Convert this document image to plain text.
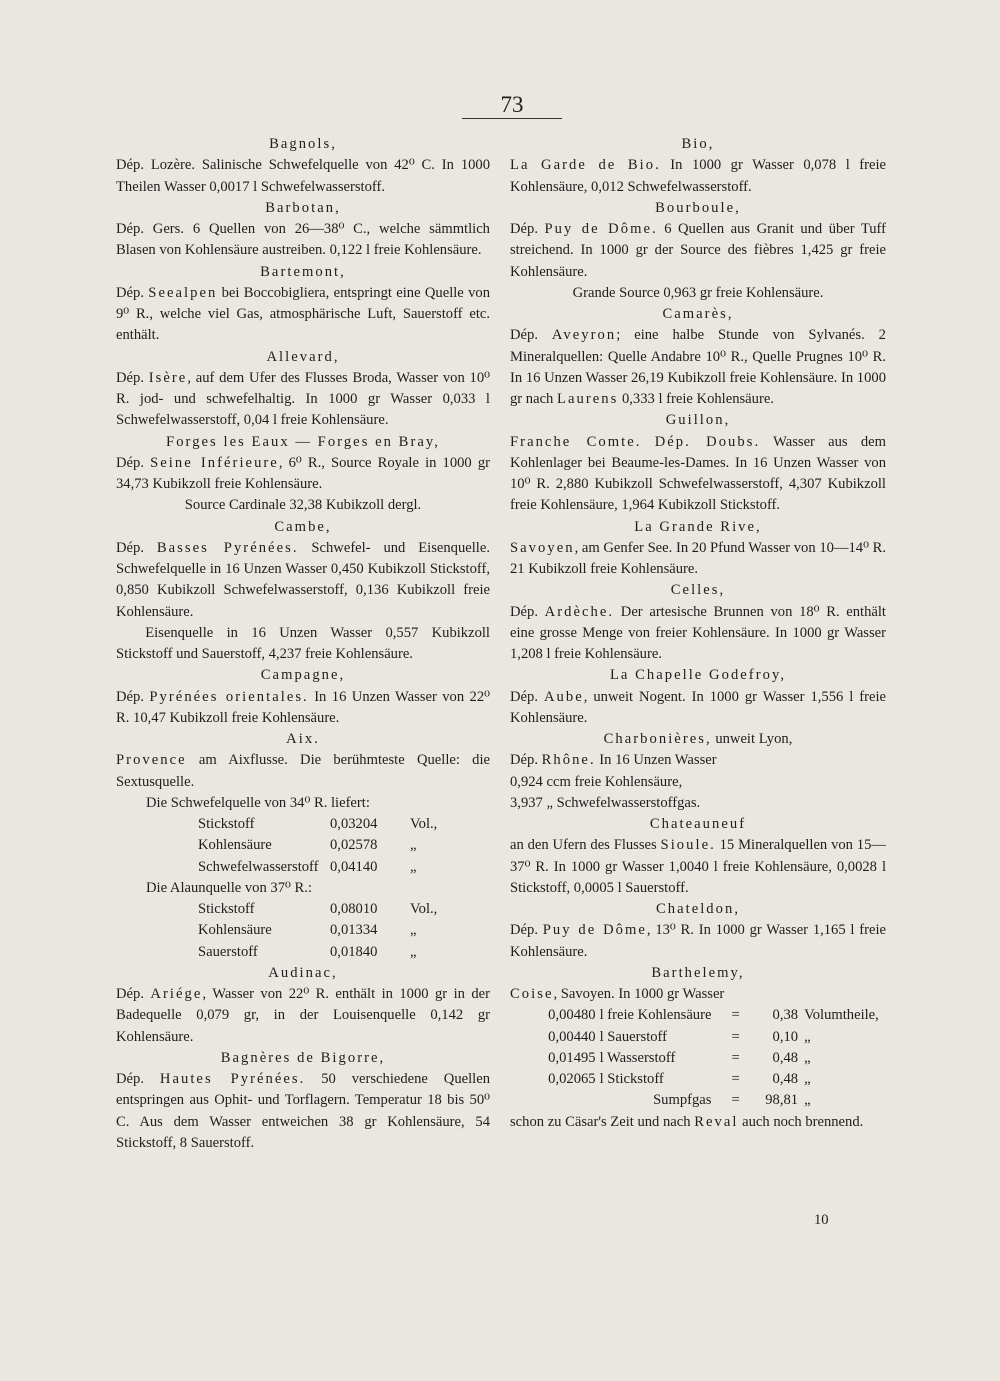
73

Bagnols,

Dép. Lozère. Salinische Schwefelquelle von 42⁰ C. In 1000 Theilen Wasser 0,0017 l Schwefelwasserstoff.

Barbotan,

Dép. Gers. 6 Quellen von 26—38⁰ C., welche sämmtlich Blasen von Kohlensäure austreiben. 0,122 l freie Kohlensäure.

Bartemont,

Dép. Seealpen bei Boccobigliera, entspringt eine Quelle von 9⁰ R., welche viel Gas, atmosphärische Luft, Sauerstoff etc. enthält.

Allevard,

Dép. Isère, auf dem Ufer des Flusses Broda, Wasser von 10⁰ R. jod- und schwefelhaltig. In 1000 gr Wasser 0,033 l Schwefelwasserstoff, 0,04 l freie Kohlensäure.

Forges les Eaux — Forges en Bray,

Dép. Seine Inférieure, 6⁰ R., Source Royale in 1000 gr 34,73 Kubikzoll freie Kohlensäure.

Source Cardinale 32,38 Kubikzoll dergl.

Cambe,

Dép. Basses Pyrénées. Schwefel- und Eisenquelle. Schwefelquelle in 16 Unzen Wasser 0,450 Kubikzoll Stickstoff, 0,850 Kubikzoll Schwefelwasserstoff, 0,136 Kubikzoll freie Kohlensäure.

Eisenquelle in 16 Unzen Wasser 0,557 Kubikzoll Stickstoff und Sauerstoff, 4,237 freie Kohlensäure.

Campagne,

Dép. Pyrénées orientales. In 16 Unzen Wasser von 22⁰ R. 10,47 Kubikzoll freie Kohlensäure.

Aix.

Provence am Aixflusse. Die berühmteste Quelle: die Sextusquelle.

Die Schwefelquelle von 34⁰ R. liefert:

Stickstoff	0,03204	Vol.,
Kohlensäure	0,02578	„
Schwefelwasserstoff	0,04140	„

Die Alaunquelle von 37⁰ R.:

Stickstoff	0,08010	Vol.,
Kohlensäure	0,01334	„
Sauerstoff	0,01840	„

Audinac,

Dép. Ariége, Wasser von 22⁰ R. enthält in 1000 gr in der Badequelle 0,079 gr, in der Louisenquelle 0,142 gr Kohlensäure.

Bagnères de Bigorre,

Dép. Hautes Pyrénées. 50 verschiedene Quellen entspringen aus Ophit- und Torflagern. Temperatur 18 bis 50⁰ C. Aus dem Wasser entweichen 38 gr Kohlensäure, 54 Stickstoff, 8 Sauerstoff.

Bio,

La Garde de Bio. In 1000 gr Wasser 0,078 l freie Kohlensäure, 0,012 Schwefelwasserstoff.

Bourboule,

Dép. Puy de Dôme. 6 Quellen aus Granit und über Tuff streichend. In 1000 gr der Source des fièbres 1,425 gr freie Kohlensäure.

Grande Source 0,963 gr freie Kohlensäure.

Camarès,

Dép. Aveyron; eine halbe Stunde von Sylvanés. 2 Mineralquellen: Quelle Andabre 10⁰ R., Quelle Prugnes 10⁰ R. In 16 Unzen Wasser 26,19 Kubikzoll freie Kohlensäure. In 1000 gr nach Laurens 0,333 l freie Kohlensäure.

Guillon,

Franche Comte. Dép. Doubs. Wasser aus dem Kohlenlager bei Beaume-les-Dames. In 16 Unzen Wasser von 10⁰ R. 2,880 Kubikzoll Schwefelwasserstoff, 4,307 Kubikzoll freie Kohlensäure, 1,964 Kubikzoll Stickstoff.

La Grande Rive,

Savoyen, am Genfer See. In 20 Pfund Wasser von 10—14⁰ R. 21 Kubikzoll freie Kohlensäure.

Celles,

Dép. Ardèche. Der artesische Brunnen von 18⁰ R. enthält eine grosse Menge von freier Kohlensäure. In 1000 gr Wasser 1,208 l freie Kohlensäure.

La Chapelle Godefroy,

Dép. Aube, unweit Nogent. In 1000 gr Wasser 1,556 l freie Kohlensäure.

Charbonières, unweit Lyon,

Dép. Rhône. In 16 Unzen Wasser

0,924 ccm freie Kohlensäure,
3,937 „ Schwefelwasserstoffgas.

Chateauneuf

an den Ufern des Flusses Sioule. 15 Mineralquellen von 15—37⁰ R. In 1000 gr Wasser 1,0040 l freie Kohlensäure, 0,0028 l Stickstoff, 0,0005 l Sauerstoff.

Chateldon,

Dép. Puy de Dôme, 13⁰ R. In 1000 gr Wasser 1,165 l freie Kohlensäure.

Barthelemy,

Coise, Savoyen. In 1000 gr Wasser

0,00480	l freie Kohlensäure	=	0,38	Volumtheile,
0,00440	l Sauerstoff	=	0,10	„
0,01495	l Wasserstoff	=	0,48	„
0,02065	l Stickstoff	=	0,48	„
	Sumpfgas	=	98,81	„

schon zu Cäsar's Zeit und nach Reval auch noch brennend.

10
